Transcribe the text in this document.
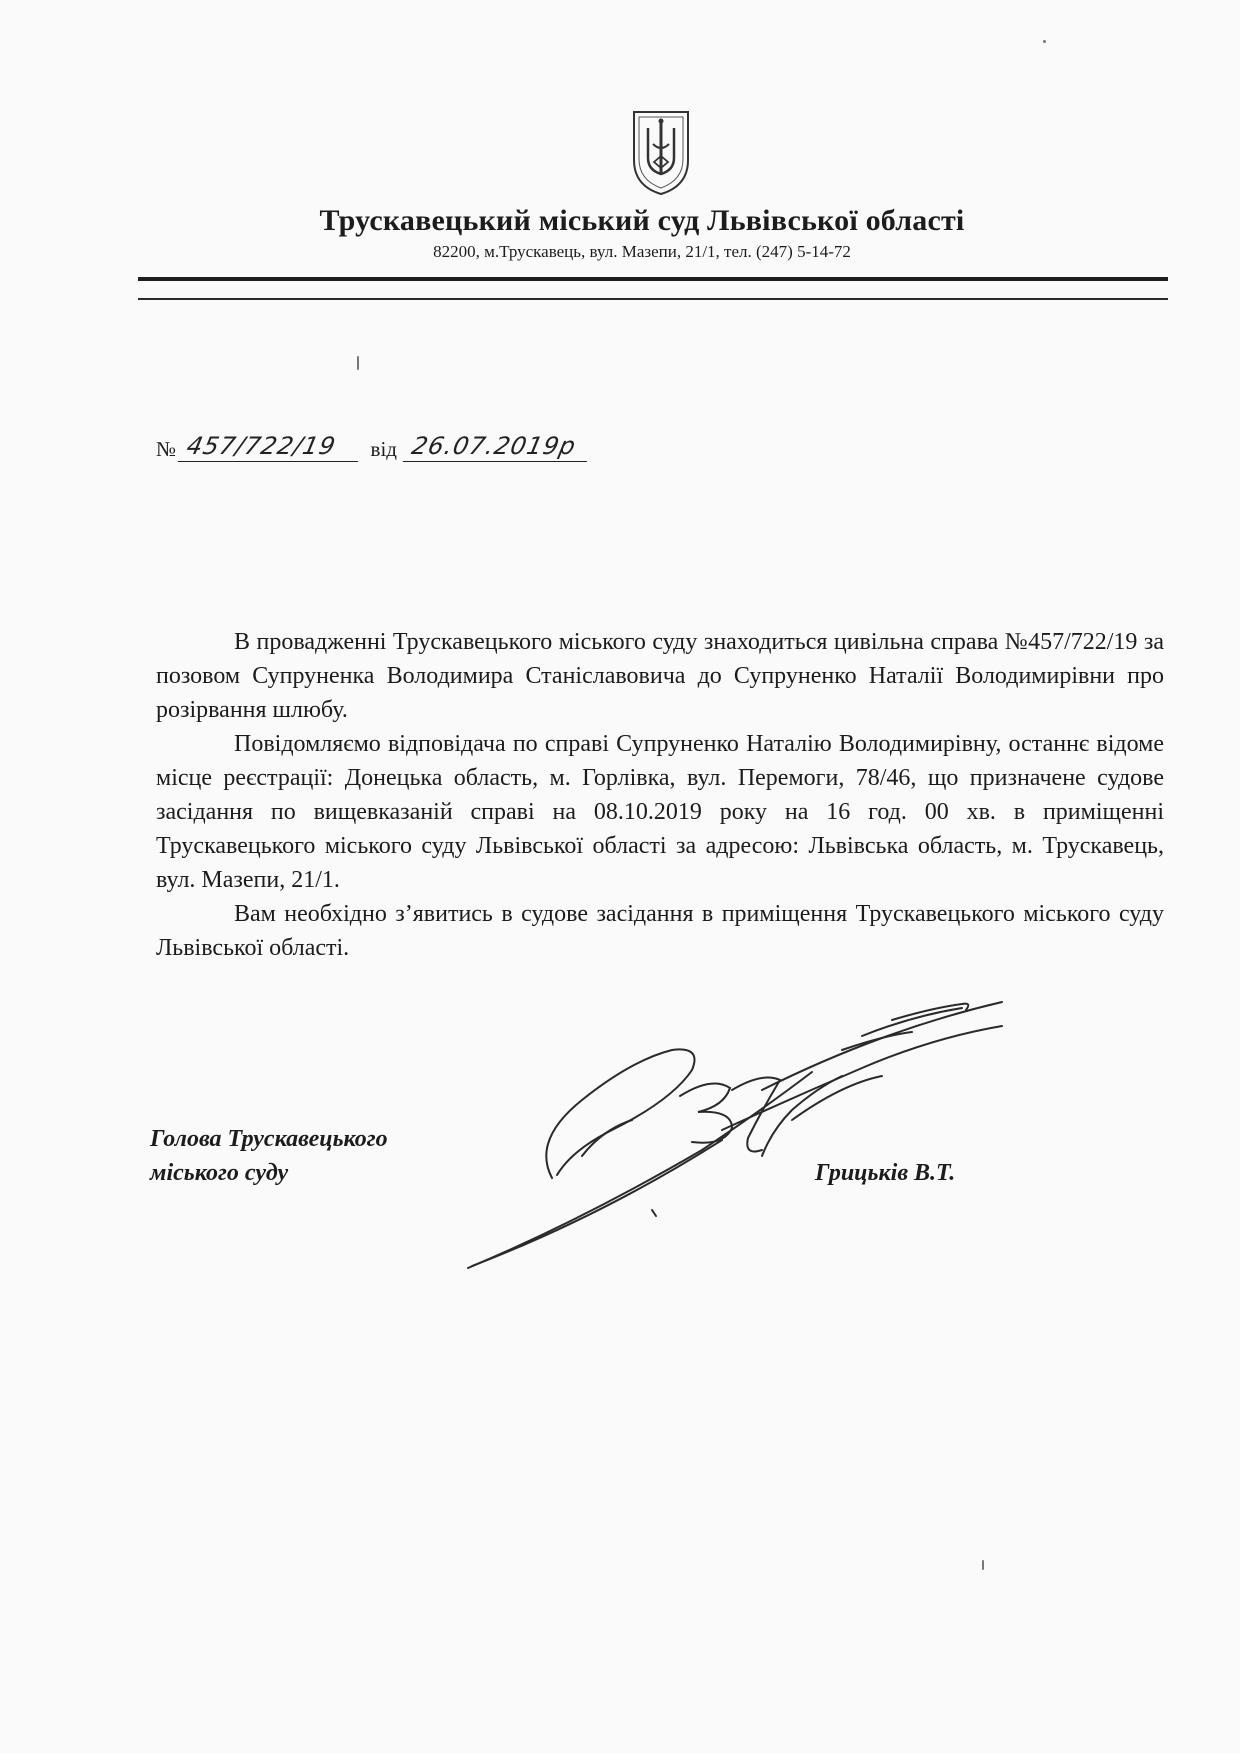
Трускавецький міський суд Львівської області
82200, м.Трускавець, вул. Мазепи, 21/1, тел. (247) 5-14-72
№ 457/722/19 від 26.07.2019р

В провадженні Трускавецького міського суду знаходиться цивільна справа №457/722/19 за позовом Супруненка Володимира Станіславовича до Супруненко Наталії Володимирівни про розірвання шлюбу.

Повідомляємо відповідача по справі Супруненко Наталію Володимирівну, останнє відоме місце реєстрації: Донецька область, м. Горлівка, вул. Перемоги, 78/46, що призначене судове засідання по вищевказаній справі на 08.10.2019 року на 16 год. 00 хв. в приміщенні Трускавецького міського суду Львівської області за адресою: Львівська область, м. Трускавець, вул. Мазепи, 21/1.

Вам необхідно з’явитись в судове засідання в приміщення Трускавецького міського суду Львівської області.

Голова Трускавецького
міського суду	Грицьків В.Т.
